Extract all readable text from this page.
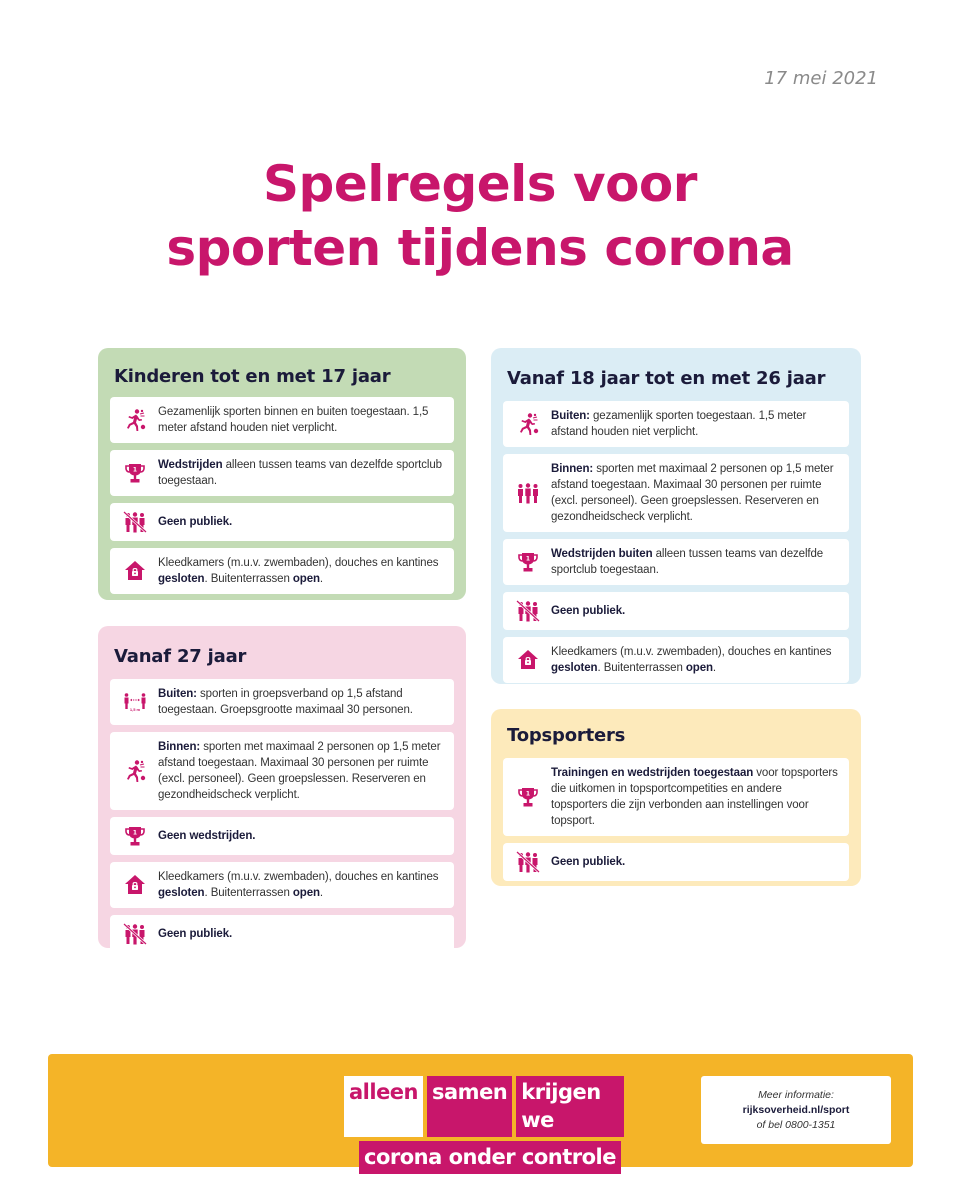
17 mei 2021
Spelregels voor
sporten tijdens corona
Kinderen tot en met 17 jaar
Gezamenlijk sporten binnen en buiten toegestaan. 1,5 meter afstand houden niet verplicht.
Wedstrijden alleen tussen teams van dezelfde sportclub toegestaan.
Geen publiek.
Kleedkamers (m.u.v. zwembaden), douches en kantines gesloten. Buitenterrassen open.
Vanaf 18 jaar tot en met 26 jaar
Buiten: gezamenlijk sporten toegestaan. 1,5 meter afstand houden niet verplicht.
Binnen: sporten met maximaal 2 personen op 1,5 meter afstand toegestaan. Maximaal 30 personen per ruimte (excl. personeel). Geen groepslessen. Reserveren en gezondheidscheck verplicht.
Wedstrijden buiten alleen tussen teams van dezelfde sportclub toegestaan.
Geen publiek.
Kleedkamers (m.u.v. zwembaden), douches en kantines gesloten. Buitenterrassen open.
Vanaf 27 jaar
1,5 m
Buiten: sporten in groepsverband op 1,5 afstand toegestaan. Groepsgrootte maximaal 30 personen.
Binnen: sporten met maximaal 2 personen op 1,5 meter afstand toegestaan. Maximaal 30 personen per ruimte (excl. personeel). Geen groepslessen. Reserveren en gezondheidscheck verplicht.
Geen wedstrijden.
Kleedkamers (m.u.v. zwembaden), douches en kantines gesloten. Buitenterrassen open.
Geen publiek.
Topsporters
Trainingen en wedstrijden toegestaan voor topsporters die uitkomen in topsportcompetities en andere topsporters die zijn verbonden aan instellingen voor topsport.
Geen publiek.
alleen samen krijgen we
corona onder controle
Meer informatie:
rijksoverheid.nl/sport
of bel 0800-1351
